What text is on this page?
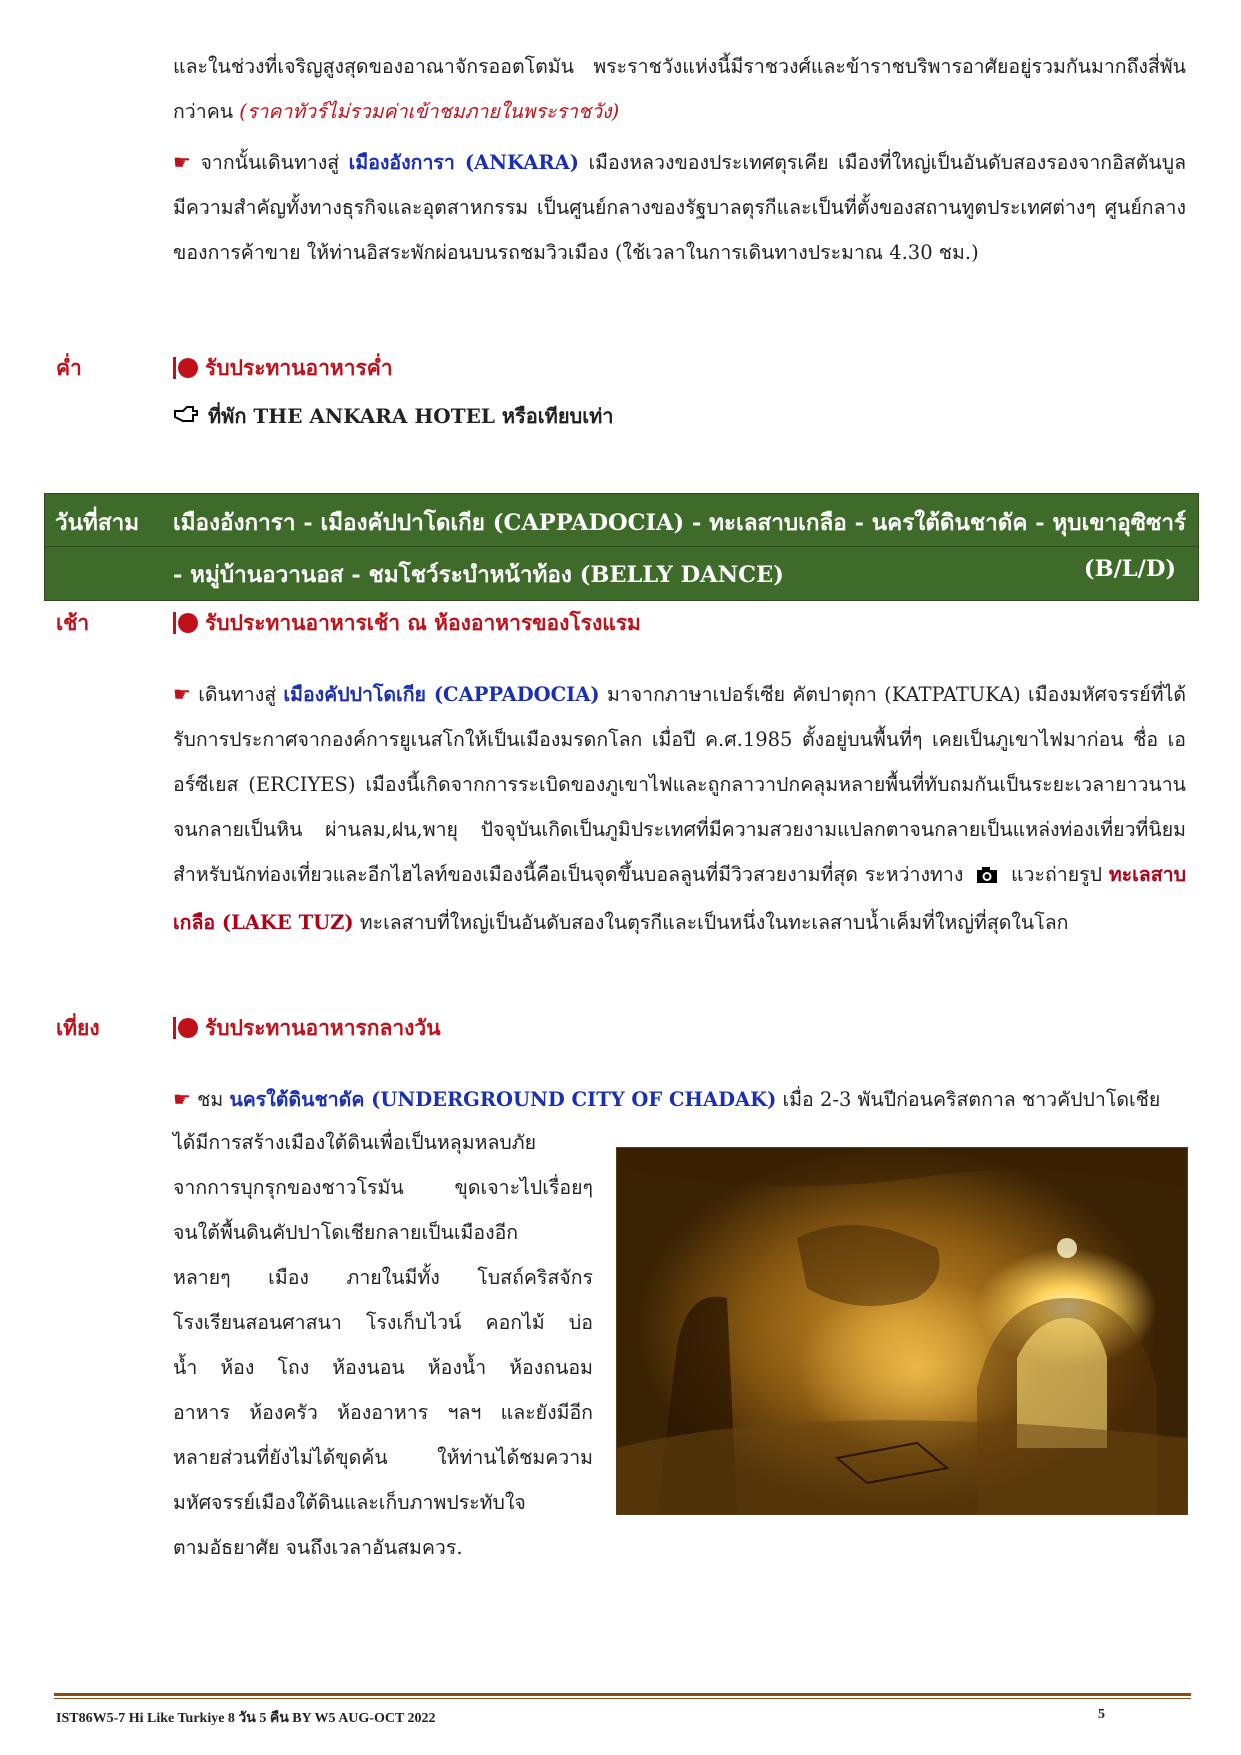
และในช่วงที่เจริญสูงสุดของอาณาจักรออตโตมัน พระราชวังแห่งนี้มีราชวงศ์และข้าราชบริพารอาศัยอยู่รวมกันมากถึงสี่พันกว่าคน (ราคาทัวร์ไม่รวมค่าเข้าชมภายในพระราชวัง)
☛ จากนั้นเดินทางสู่ เมืองอังการา (ANKARA) เมืองหลวงของประเทศตุรเคีย เมืองที่ใหญ่เป็นอันดับสองรองจากอิสตันบูล มีความสำคัญทั้งทางธุรกิจและอุตสาหกรรม เป็นศูนย์กลางของรัฐบาลตุรกีและเป็นที่ตั้งของสถานทูตประเทศต่างๆ ศูนย์กลางของการค้าขาย ให้ท่านอิสระพักผ่อนบนรถชมวิวเมือง (ใช้เวลาในการเดินทางประมาณ 4.30 ชม.)
ค่ำ	รับประทานอาหารค่ำ
ที่พัก THE ANKARA HOTEL หรือเทียบเท่า
วันที่สาม เมืองอังการา - เมืองคัปปาโดเกีย (CAPPADOCIA) - ทะเลสาบเกลือ - นครใต้ดินชาดัค - หุบเขาอุซิซาร์
- หมู่บ้านอวานอส - ชมโชว์ระบำหน้าท้อง (BELLY DANCE)	(B/L/D)
เช้า	รับประทานอาหารเช้า ณ ห้องอาหารของโรงแรม
☛ เดินทางสู่ เมืองคัปปาโดเกีย (CAPPADOCIA) มาจากภาษาเปอร์เซีย คัตปาตุกา (KATPATUKA) เมืองมหัศจรรย์ที่ได้รับการประกาศจากองค์การยูเนสโกให้เป็นเมืองมรดกโลก เมื่อปี ค.ศ.1985 ตั้งอยู่บนพื้นที่ๆ เคยเป็นภูเขาไฟมาก่อน ชื่อ เออร์ซีเยส (ERCIYES) เมืองนี้เกิดจากการระเบิดของภูเขาไฟและถูกลาวาปกคลุมหลายพื้นที่ทับถมกันเป็นระยะเวลายาวนานจนกลายเป็นหิน ผ่านลม,ฝน,พายุ ปัจจุบันเกิดเป็นภูมิประเทศที่มีความสวยงามแปลกตาจนกลายเป็นแหล่งท่องเที่ยวที่นิยมสำหรับนักท่องเที่ยวและอีกไฮไลท์ของเมืองนี้คือเป็นจุดขึ้นบอลลูนที่มีวิวสวยงามที่สุด ระหว่างทาง แวะถ่ายรูป ทะเลสาบเกลือ (LAKE TUZ) ทะเลสาบที่ใหญ่เป็นอันดับสองในตุรกีและเป็นหนึ่งในทะเลสาบน้ำเค็มที่ใหญ่ที่สุดในโลก
เที่ยง	รับประทานอาหารกลางวัน
☛ ชม นครใต้ดินชาดัค (UNDERGROUND CITY OF CHADAK) เมื่อ 2-3 พันปีก่อนคริสตกาล ชาวคัปปาโดเชีย
ได้มีการสร้างเมืองใต้ดินเพื่อเป็นหลุมหลบภัย
จากการบุกรุกของชาวโรมัน ขุดเจาะไปเรื่อยๆ
จนใต้พื้นดินคัปปาโดเชียกลายเป็นเมืองอีก
หลายๆ เมือง ภายในมีทั้ง โบสถ์คริสจักร
โรงเรียนสอนศาสนา โรงเก็บไวน์ คอกไม้ บ่อ
น้ำ ห้อง โถง ห้องนอน ห้องน้ำ ห้องถนอม
อาหาร ห้องครัว ห้องอาหาร ฯลฯ และยังมีอีก
หลายส่วนที่ยังไม่ได้ขุดค้น ให้ท่านได้ชมความ
มหัศจรรย์เมืองใต้ดินและเก็บภาพประทับใจ
ตามอัธยาศัย จนถึงเวลาอันสมควร.
IST86W5-7 Hi Like Turkiye 8 วัน 5 คืน BY W5 AUG-OCT 2022	5
